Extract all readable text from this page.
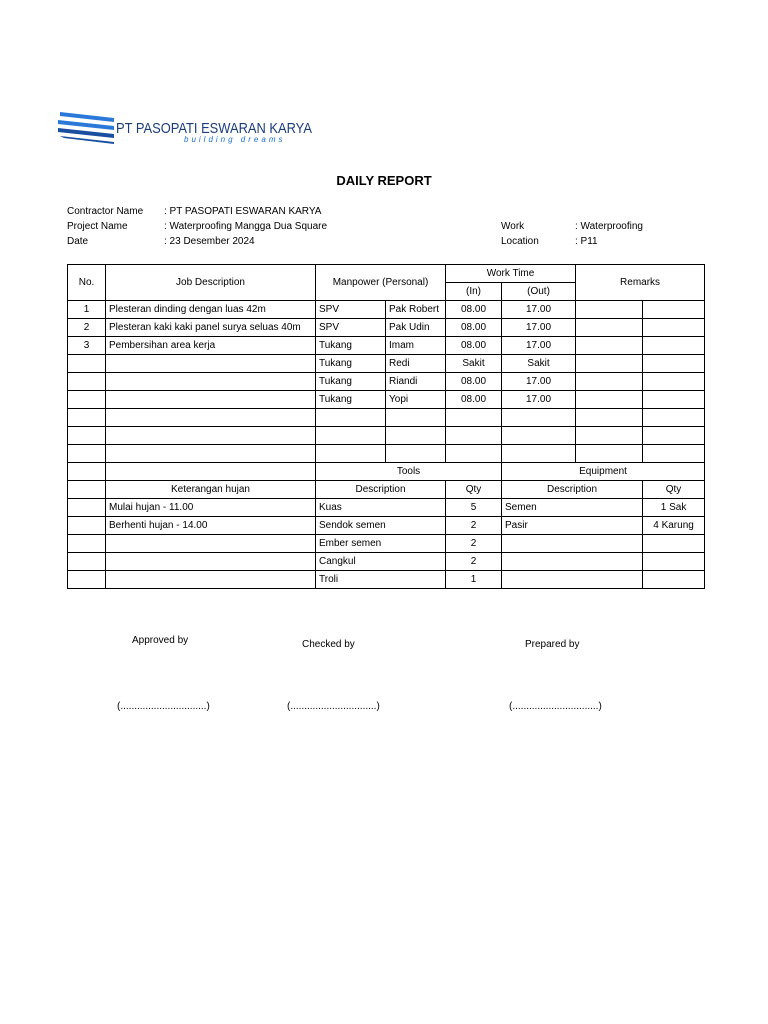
PT PASOPATI ESWARAN KARYA
building dreams
DAILY REPORT
Contractor Name : PT PASOPATI ESWARAN KARYA
Project Name	: Waterproofing Mangga Dua Square
Date	: 23 Desember 2024
Work	: Waterproofing
Location	: P11
No.	Job Description	Manpower (Personal)		Work Time		Remarks	
				(In)	(Out)		
1	Plesteran dinding dengan luas 42m	SPV	Pak Robert	08.00	17.00		
2	Plesteran kaki kaki panel surya seluas 40m	SPV	Pak Udin	08.00	17.00		
3	Pembersihan area kerja	Tukang	Imam	08.00	17.00		
		Tukang	Redi	Sakit	Sakit		
		Tukang	Riandi	08.00	17.00		
		Tukang	Yopi	08.00	17.00		

		Tools			Equipment		
	Keterangan hujan	Description		Qty	Description		Qty
	Mulai hujan - 11.00	Kuas		5	Semen		1 Sak
	Berhenti hujan - 14.00	Sendok semen		2	Pasir		4 Karung
		Ember semen		2			
		Cangkul		2			
		Troli		1			
Approved by	Checked by	Prepared by
(...............................)	(...............................)	(...............................)
